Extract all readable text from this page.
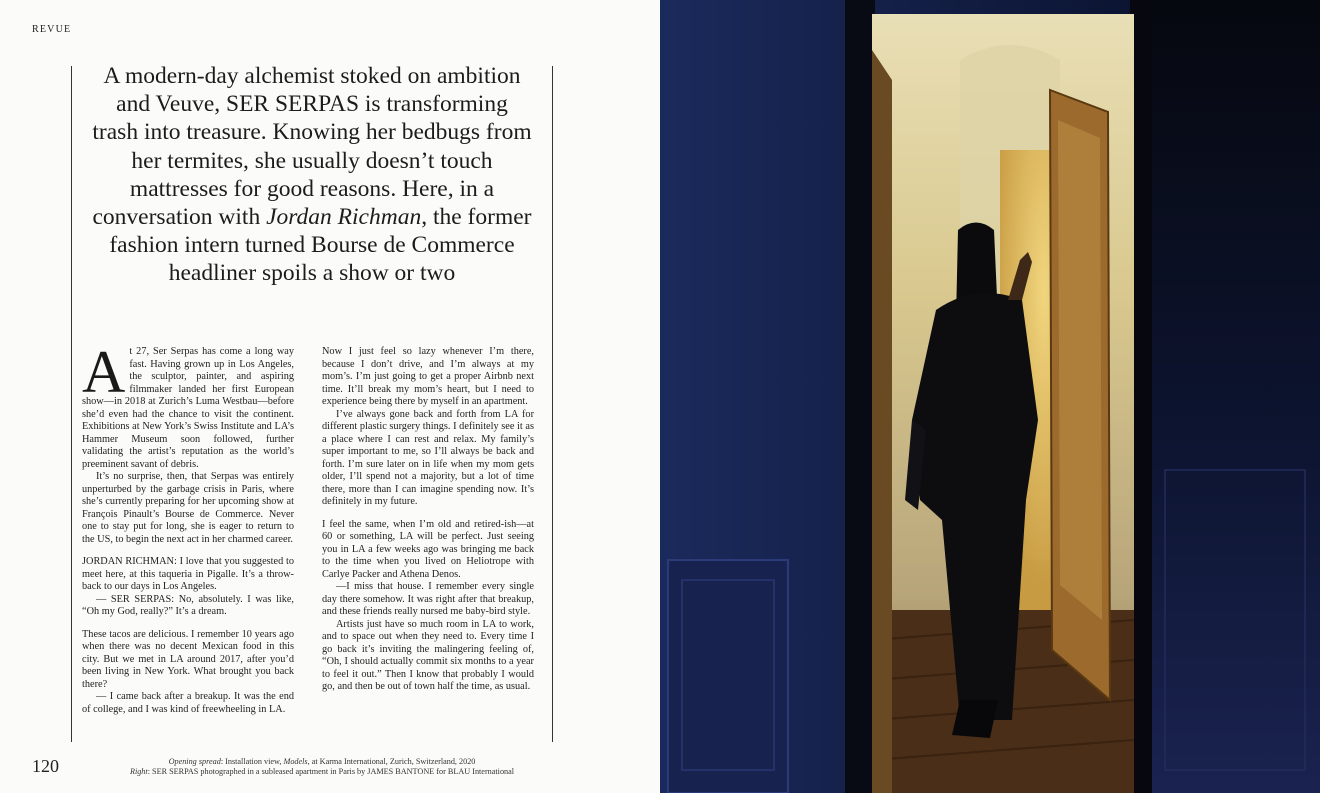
REVUE
A modern-day alchemist stoked on ambition and Veuve, SER SERPAS is transforming trash into treasure. Knowing her bedbugs from her termites, she usually doesn’t touch mattresses for good reasons. Here, in a conversation with Jordan Richman, the former fashion intern turned Bourse de Commerce headliner spoils a show or two

At 27, Ser Serpas has come a long way fast. Having grown up in Los Angeles, the sculptor, painter, and aspiring filmmaker landed her first European show—in 2018 at Zurich’s Luma Westbau—before she’d even had the chance to visit the continent. Exhibitions at New York’s Swiss Institute and LA’s Hammer Museum soon followed, further validating the artist’s reputation as the world’s preeminent savant of debris.

It’s no surprise, then, that Serpas was entirely unperturbed by the garbage crisis in Paris, where she’s currently preparing for her upcoming show at François Pinault’s Bourse de Commerce. Never one to stay put for long, she is eager to return to the US, to begin the next act in her charmed career.

JORDAN RICHMAN: I love that you suggested to meet here, at this taqueria in Pigalle. It’s a throw-back to our days in Los Angeles.

— SER SERPAS: No, absolutely. I was like, “Oh my God, really?” It’s a dream.

These tacos are delicious. I remember 10 years ago when there was no decent Mexican food in this city. But we met in LA around 2017, after you’d been living in New York. What brought you back there?

— I came back after a breakup. It was the end of college, and I was kind of freewheeling in LA.

Now I just feel so lazy whenever I’m there, because I don’t drive, and I’m always at my mom’s. I’m just going to get a proper Airbnb next time. It’ll break my mom’s heart, but I need to experience being there by myself in an apartment.

I’ve always gone back and forth from LA for different plastic surgery things. I definitely see it as a place where I can rest and relax. My family’s super important to me, so I’ll always be back and forth. I’m sure later on in life when my mom gets older, I’ll spend not a majority, but a lot of time there, more than I can imagine spending now. It’s definitely in my future.

I feel the same, when I’m old and retired-ish—at 60 or something, LA will be perfect. Just seeing you in LA a few weeks ago was bringing me back to the time when you lived on Heliotrope with Carlye Packer and Athena Denos.

—I miss that house. I remember every single day there somehow. It was right after that breakup, and these friends really nursed me baby-bird style.

Artists just have so much room in LA to work, and to space out when they need to. Every time I go back it’s inviting the malingering feeling of, “Oh, I should actually commit six months to a year to feel it out.” Then I know that probably I would go, and then be out of town half the time, as usual.

120	Opening spread: Installation view, Models, at Karma International, Zurich, Switzerland, 2020
Right: SER SERPAS photographed in a subleased apartment in Paris by JAMES BANTONE for BLAU International
